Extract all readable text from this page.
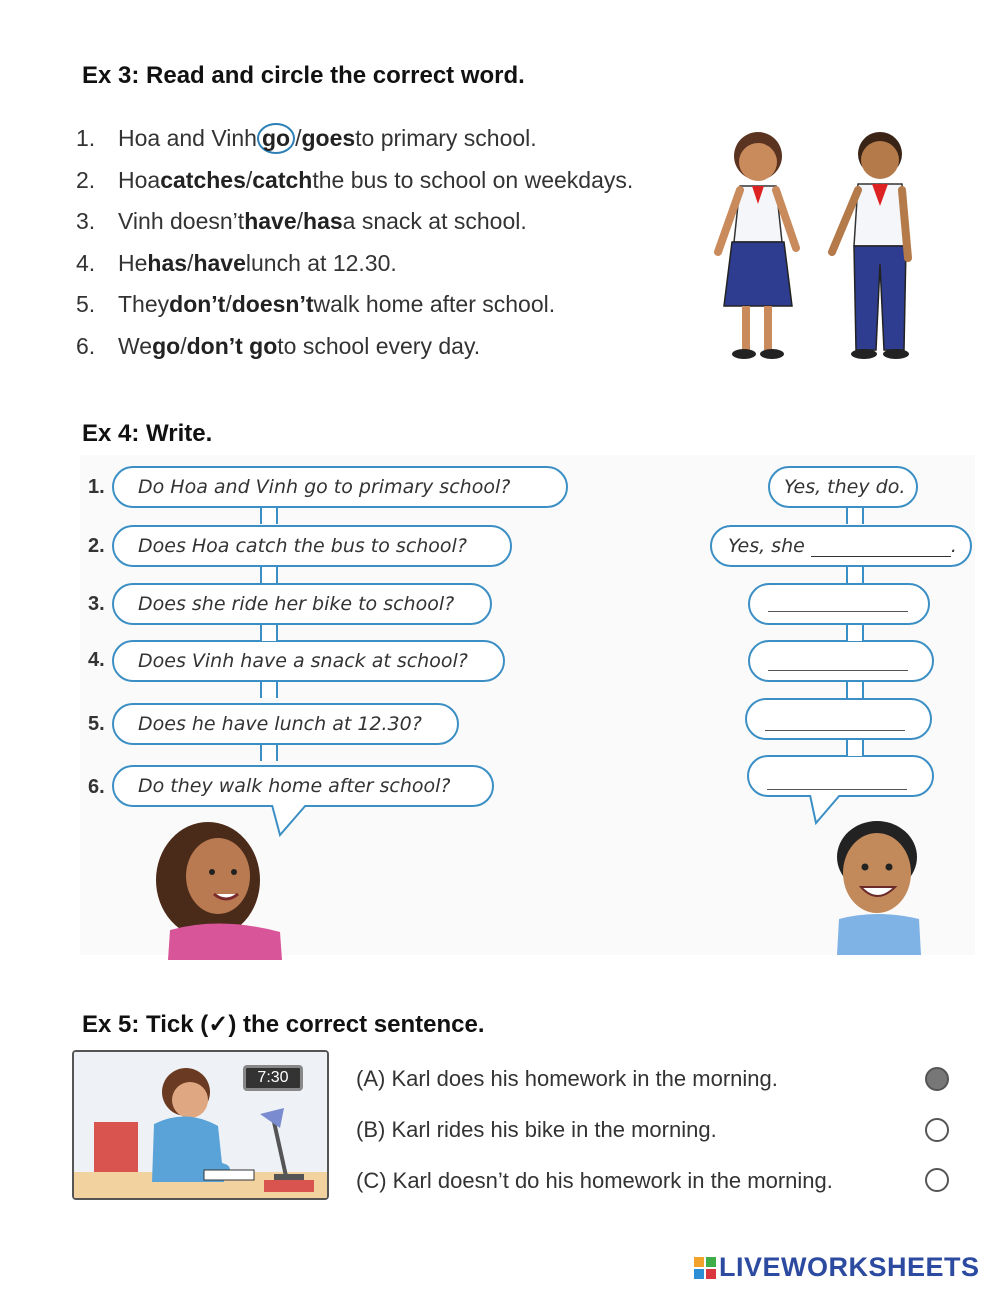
Ex 3: Read and circle the correct word.
1. Hoa and Vinh go / goes to primary school.
2. Hoa catches / catch the bus to school on weekdays.
3. Vinh doesn’t have / has a snack at school.
4. He has / have lunch at 12.30.
5. They don’t / doesn’t walk home after school.
6. We go / don’t go to school every day.
Ex 4: Write.
1.
2.
3.
4.
5.
6.
Do Hoa and Vinh go to primary school?
Does Hoa catch the bus to school?
Does she ride her bike to school?
Does Vinh have a snack at school?
Does he have lunch at 12.30?
Do they walk home after school?
Yes, they do.
Yes, she	.
Ex 5: Tick (✓) the correct sentence.
7:30	(A) Karl does his homework in the morning.
(B) Karl rides his bike in the morning.
(C) Karl doesn’t do his homework in the morning.
LIVEWORKSHEETS
